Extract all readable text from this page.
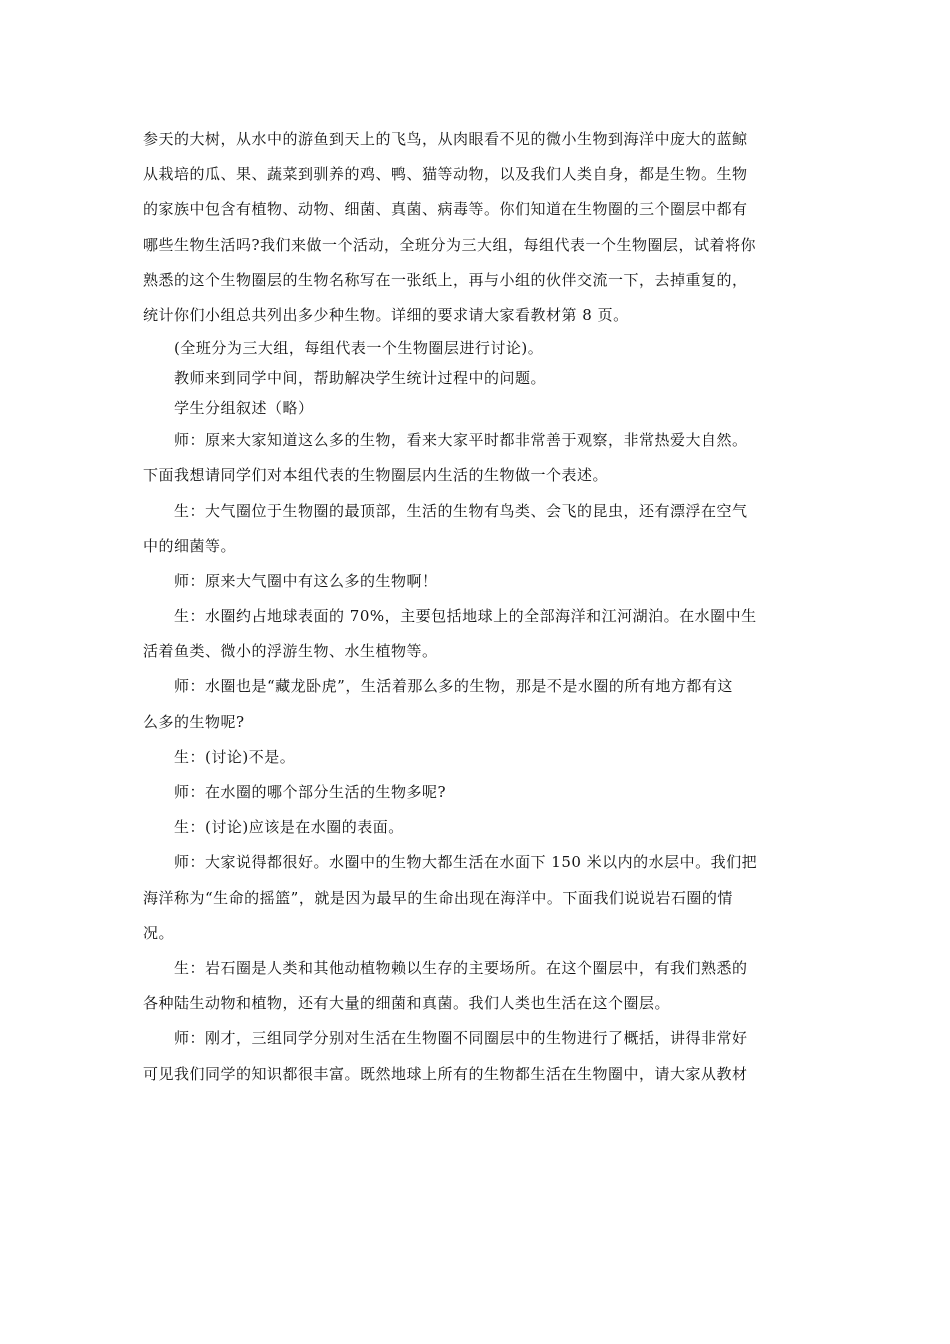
参天的大树，从水中的游鱼到天上的飞鸟，从肉眼看不见的微小生物到海洋中庞大的蓝鲸
从栽培的瓜、果、蔬菜到驯养的鸡、鸭、猫等动物，以及我们人类自身，都是生物。生物
的家族中包含有植物、动物、细菌、真菌、病毒等。你们知道在生物圈的三个圈层中都有
哪些生物生活吗?我们来做一个活动，全班分为三大组，每组代表一个生物圈层，试着将你
熟悉的这个生物圈层的生物名称写在一张纸上，再与小组的伙伴交流一下，去掉重复的，
统计你们小组总共列出多少种生物。详细的要求请大家看教材第 8 页。
(全班分为三大组，每组代表一个生物圈层进行讨论)。
教师来到同学中间，帮助解决学生统计过程中的问题。
学生分组叙述（略）
师：原来大家知道这么多的生物，看来大家平时都非常善于观察，非常热爱大自然。
下面我想请同学们对本组代表的生物圈层内生活的生物做一个表述。
生：大气圈位于生物圈的最顶部，生活的生物有鸟类、会飞的昆虫，还有漂浮在空气
中的细菌等。
师：原来大气圈中有这么多的生物啊！
生：水圈约占地球表面的 70%，主要包括地球上的全部海洋和江河湖泊。在水圈中生
活着鱼类、微小的浮游生物、水生植物等。
师：水圈也是“藏龙卧虎”，生活着那么多的生物，那是不是水圈的所有地方都有这
么多的生物呢?
生：(讨论)不是。
师：在水圈的哪个部分生活的生物多呢?
生：(讨论)应该是在水圈的表面。
师：大家说得都很好。水圈中的生物大都生活在水面下 150 米以内的水层中。我们把
海洋称为“生命的摇篮”，就是因为最早的生命出现在海洋中。下面我们说说岩石圈的情
况。
生：岩石圈是人类和其他动植物赖以生存的主要场所。在这个圈层中，有我们熟悉的
各种陆生动物和植物，还有大量的细菌和真菌。我们人类也生活在这个圈层。
师：刚才，三组同学分别对生活在生物圈不同圈层中的生物进行了概括，讲得非常好
可见我们同学的知识都很丰富。既然地球上所有的生物都生活在生物圈中，请大家从教材
